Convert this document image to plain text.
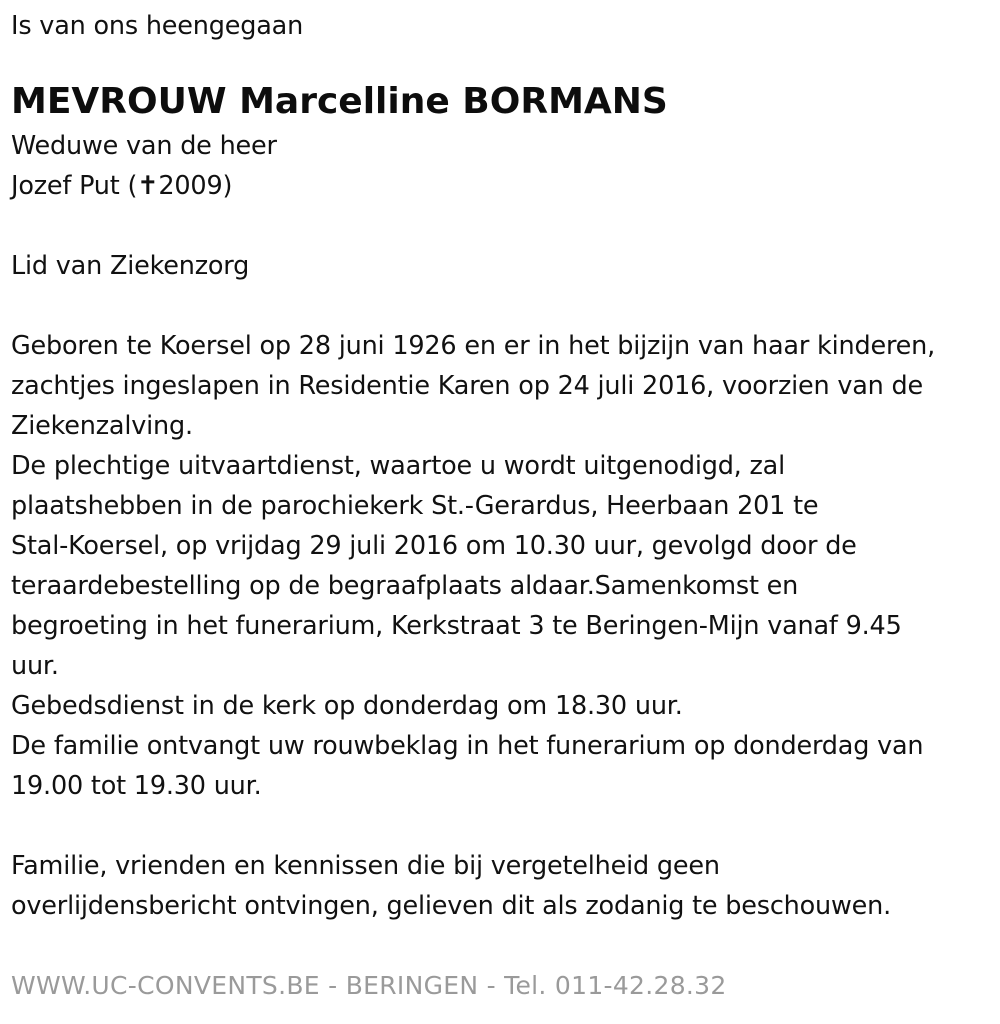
Is van ons heengegaan
MEVROUW Marcelline BORMANS
Weduwe van de heer
Jozef Put (✝2009)
Lid van Ziekenzorg
Geboren te Koersel op 28 juni 1926 en er in het bijzijn van haar kinderen,
zachtjes ingeslapen in Residentie Karen op 24 juli 2016, voorzien van de
Ziekenzalving.
De plechtige uitvaartdienst, waartoe u wordt uitgenodigd, zal
plaatshebben in de parochiekerk St.-Gerardus, Heerbaan 201 te
Stal-Koersel, op vrijdag 29 juli 2016 om 10.30 uur, gevolgd door de
teraardebestelling op de begraafplaats aldaar.Samenkomst en
begroeting in het funerarium, Kerkstraat 3 te Beringen-Mijn vanaf 9.45
uur.
Gebedsdienst in de kerk op donderdag om 18.30 uur.
De familie ontvangt uw rouwbeklag in het funerarium op donderdag van
19.00 tot 19.30 uur.
Familie, vrienden en kennissen die bij vergetelheid geen
overlijdensbericht ontvingen, gelieven dit als zodanig te beschouwen.
WWW.UC-CONVENTS.BE - BERINGEN - Tel. 011-42.28.32
